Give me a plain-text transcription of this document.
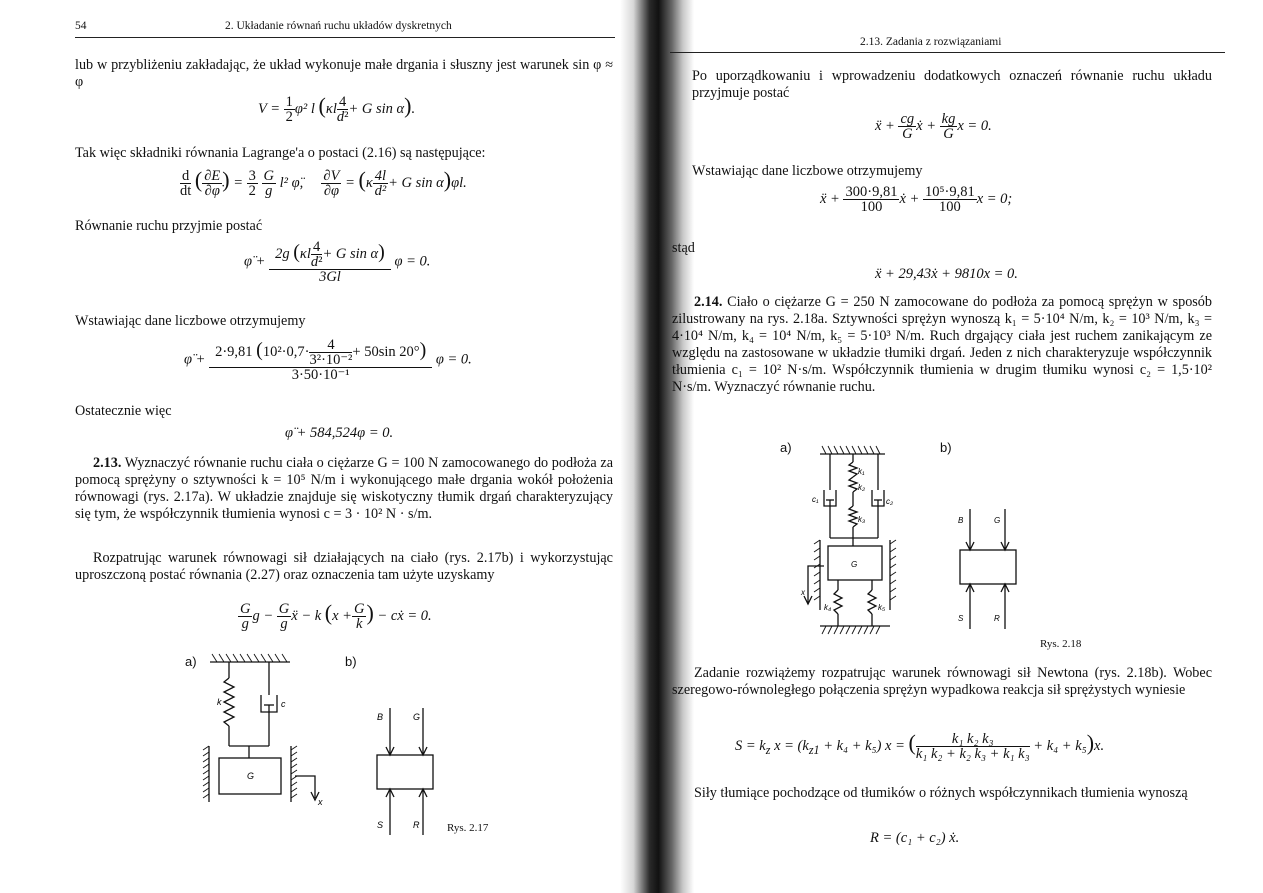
54	2. Układanie równań ruchu układów dyskretnych
lub w przybliżeniu zakładając, że układ wykonuje małe drgania i słuszny jest warunek sin φ ≈ φ
$V = \frac{1}{2} \varphi^2$ l ($\kappa l \frac{4}{\text{d²}} + G$ sin α).
Tak więc składniki równania Lagrange'a o postaci (2.16) są następujące:
$\frac{d}{dt}$ ( $\frac{\partial E}{\partial\varphi̇}$ ) = $\frac{3}{2}$
$\frac{G}{g} l^2$ φ̈, $\frac{\partial V}{\partial\varphi} = (\kappa \frac{4l}{\text{d²}} + G$ sin α)φl.
Równanie ruchu przyjmie postać
φ̈ + $\frac{2g (\kappa l \frac{4}{\text{d²}} + G \sin \alpha)}{3Gl}$ φ = 0.
Wstawiając dane liczbowe otrzymujemy
φ̈ + $\frac{2\cdot 9,81 (10^2\cdot 0,7\cdot \frac{4}{\text{3²·10⁻²}} + 50\sin 20^\circ)}{\text{3·50·10⁻¹}}$ φ = 0.
Ostatecznie więc
φ̈ + 584,524φ = 0.
2.13. Wyznaczyć równanie ruchu ciała o ciężarze G = 100 N zamocowanego do podłoża za pomocą sprężyny o sztywności k = 10⁵ N/m i wykonującego małe drgania wokół położenia równowagi (rys. 2.17a). W układzie znajduje się wiskotyczny tłumik drgań charakteryzujący się tym, że współczynnik tłumienia wynosi c = 3 · 10² N · s/m.
Rozpatrując warunek równowagi sił działających na ciało (rys. 2.17b) i wykorzystując uproszczoną postać równania (2.27) oraz oznaczenia tam użyte uzyskamy
$\frac{G}{g}$ $g - \frac{G}{g}$ ẍ − k ($x + \frac{G}{k}$ ) − cẋ = 0.
a)	b)
k	c
G
x
B	G
S	R	Rys. 2.17
2.13. Zadania z rozwiązaniami
Po uporządkowaniu i wprowadzeniu dodatkowych oznaczeń równanie ruchu układu przyjmuje postać
ẍ + $\frac{cg}{G}$ ẋ + $\frac{kg}{G}$ x = 0.
Wstawiając dane liczbowe otrzymujemy
ẍ + $\frac{300\cdot 9,81}{100}$ ẋ + $\frac{\text{10⁵·9,81}}{100}$ x = 0;
stąd
ẍ + 29,43ẋ + 9810x = 0.
2.14. Ciało o ciężarze G = 250 N zamocowane do podłoża za pomocą sprężyn w sposób zilustrowany na rys. 2.18a. Sztywności sprężyn wynoszą k₁ = 5·10⁴ N/m, k₂ = 10³ N/m, k₃ = 4·10⁴ N/m, k₄ = 10⁴ N/m, k₅ = 5·10³ N/m. Ruch drgający ciała jest ruchem zanikającym ze względu na zastosowane w układzie tłumiki drgań. Jeden z nich charakteryzuje współczynnik tłumienia c₁ = 10² N·s/m. Współczynnik tłumienia w drugim tłumiku wynosi c₂ = 1,5·10² N·s/m. Wyznaczyć równanie ruchu.
a)	b)
k₁
k₂
k₃
c₁	c₂
G
x
k₄	k₅
B	G
S	R
Rys. 2.18
Zadanie rozwiążemy rozpatrując warunek równowagi sił Newtona (rys. 2.18b). Wobec szeregowo-równoległego połączenia sprężyn wypadkowa reakcja sił sprężystych wyniesie
$S = k_z$ $x = (k_{z1} + k_4 + k_5) x$ = ( $\frac{\text{k₁ k₂ k₃}}{\text{k₁ k₂ + k₂ k₃ + k₁ k₃}} + k_4 + k_5)x$.
Siły tłumiące pochodzące od tłumików o różnych współczynnikach tłumienia wynoszą
R = (c₁ + c₂) ẋ.
